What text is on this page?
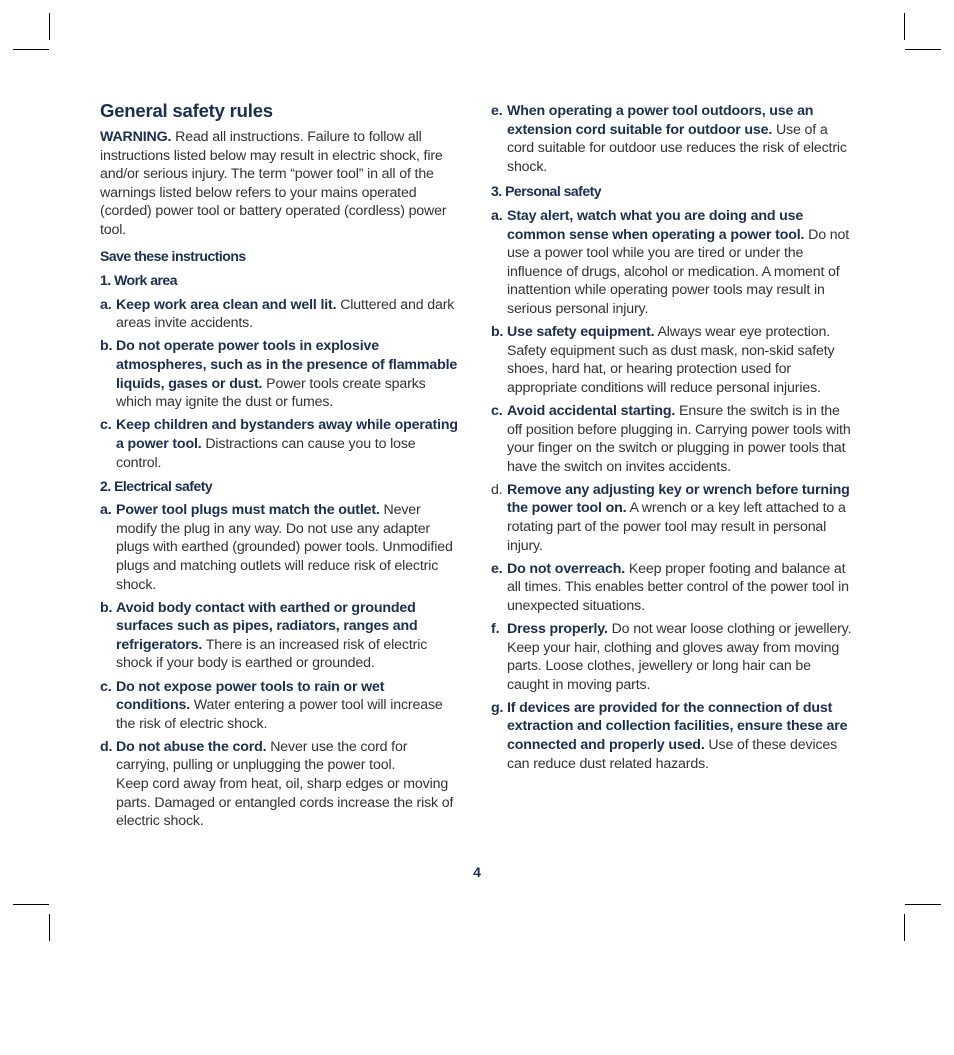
General safety rules

WARNING. Read all instructions. Failure to follow all instructions listed below may result in electric shock, fire and/or serious injury. The term “power tool” in all of the warnings listed below refers to your mains operated (corded) power tool or battery operated (cordless) power tool.

Save these instructions
1. Work area
a. Keep work area clean and well lit. Cluttered and dark areas invite accidents.

b. Do not operate power tools in explosive atmospheres, such as in the presence of flammable liquids, gases or dust. Power tools create sparks which may ignite the dust or fumes.

c. Keep children and bystanders away while operating a power tool. Distractions can cause you to lose control.

2. Electrical safety
a. Power tool plugs must match the outlet. Never modify the plug in any way. Do not use any adapter plugs with earthed (grounded) power tools. Unmodified plugs and matching outlets will reduce risk of electric shock.

b. Avoid body contact with earthed or grounded surfaces such as pipes, radiators, ranges and refrigerators. There is an increased risk of electric shock if your body is earthed or grounded.

c. Do not expose power tools to rain or wet conditions. Water entering a power tool will increase the risk of electric shock.

d. Do not abuse the cord. Never use the cord for carrying, pulling or unplugging the power tool.

Keep cord away from heat, oil, sharp edges or moving parts. Damaged or entangled cords increase the risk of electric shock.

e. When operating a power tool outdoors, use an extension cord suitable for outdoor use. Use of a cord suitable for outdoor use reduces the risk of electric shock.

3. Personal safety
a. Stay alert, watch what you are doing and use common sense when operating a power tool. Do not use a power tool while you are tired or under the influence of drugs, alcohol or medication. A moment of inattention while operating power tools may result in serious personal injury.

b. Use safety equipment. Always wear eye protection. Safety equipment such as dust mask, non-skid safety shoes, hard hat, or hearing protection used for appropriate conditions will reduce personal injuries.

c. Avoid accidental starting. Ensure the switch is in the off position before plugging in. Carrying power tools with your finger on the switch or plugging in power tools that have the switch on invites accidents.

d. Remove any adjusting key or wrench before turning the power tool on. A wrench or a key left attached to a rotating part of the power tool may result in personal injury.

e. Do not overreach. Keep proper footing and balance at all times. This enables better control of the power tool in unexpected situations.

f. Dress properly. Do not wear loose clothing or jewellery. Keep your hair, clothing and gloves away from moving parts. Loose clothes, jewellery or long hair can be caught in moving parts.

g. If devices are provided for the connection of dust extraction and collection facilities, ensure these are connected and properly used. Use of these devices can reduce dust related hazards.

4
